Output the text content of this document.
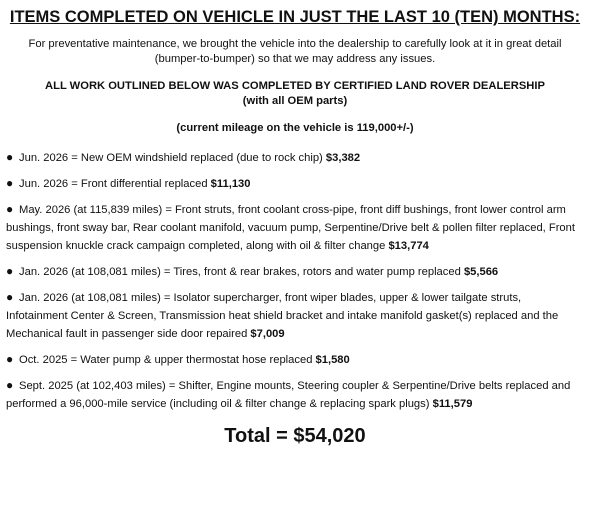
ITEMS COMPLETED ON VEHICLE IN JUST THE LAST 10 (TEN) MONTHS:
For preventative maintenance, we brought the vehicle into the dealership to carefully look at it in great detail (bumper-to-bumper) so that we may address any issues.
ALL WORK OUTLINED BELOW WAS COMPLETED BY CERTIFIED LAND ROVER DEALERSHIP
(with all OEM parts)
(current mileage on the vehicle is 119,000+/-)
● Jun. 2026 = New OEM windshield replaced (due to rock chip) $3,382
● Jun. 2026 = Front differential replaced $11,130
● May. 2026 (at 115,839 miles) = Front struts, front coolant cross-pipe, front diff bushings, front lower control arm bushings, front sway bar, Rear coolant manifold, vacuum pump, Serpentine/Drive belt & pollen filter replaced, Front suspension knuckle crack campaign completed, along with oil & filter change $13,774
● Jan. 2026 (at 108,081 miles) = Tires, front & rear brakes, rotors and water pump replaced $5,566
● Jan. 2026 (at 108,081 miles) = Isolator supercharger, front wiper blades, upper & lower tailgate struts, Infotainment Center & Screen, Transmission heat shield bracket and intake manifold gasket(s) replaced and the Mechanical fault in passenger side door repaired $7,009
● Oct. 2025 = Water pump & upper thermostat hose replaced $1,580
● Sept. 2025 (at 102,403 miles) = Shifter, Engine mounts, Steering coupler & Serpentine/Drive belts replaced and performed a 96,000-mile service (including oil & filter change & replacing spark plugs) $11,579
Total = $54,020
